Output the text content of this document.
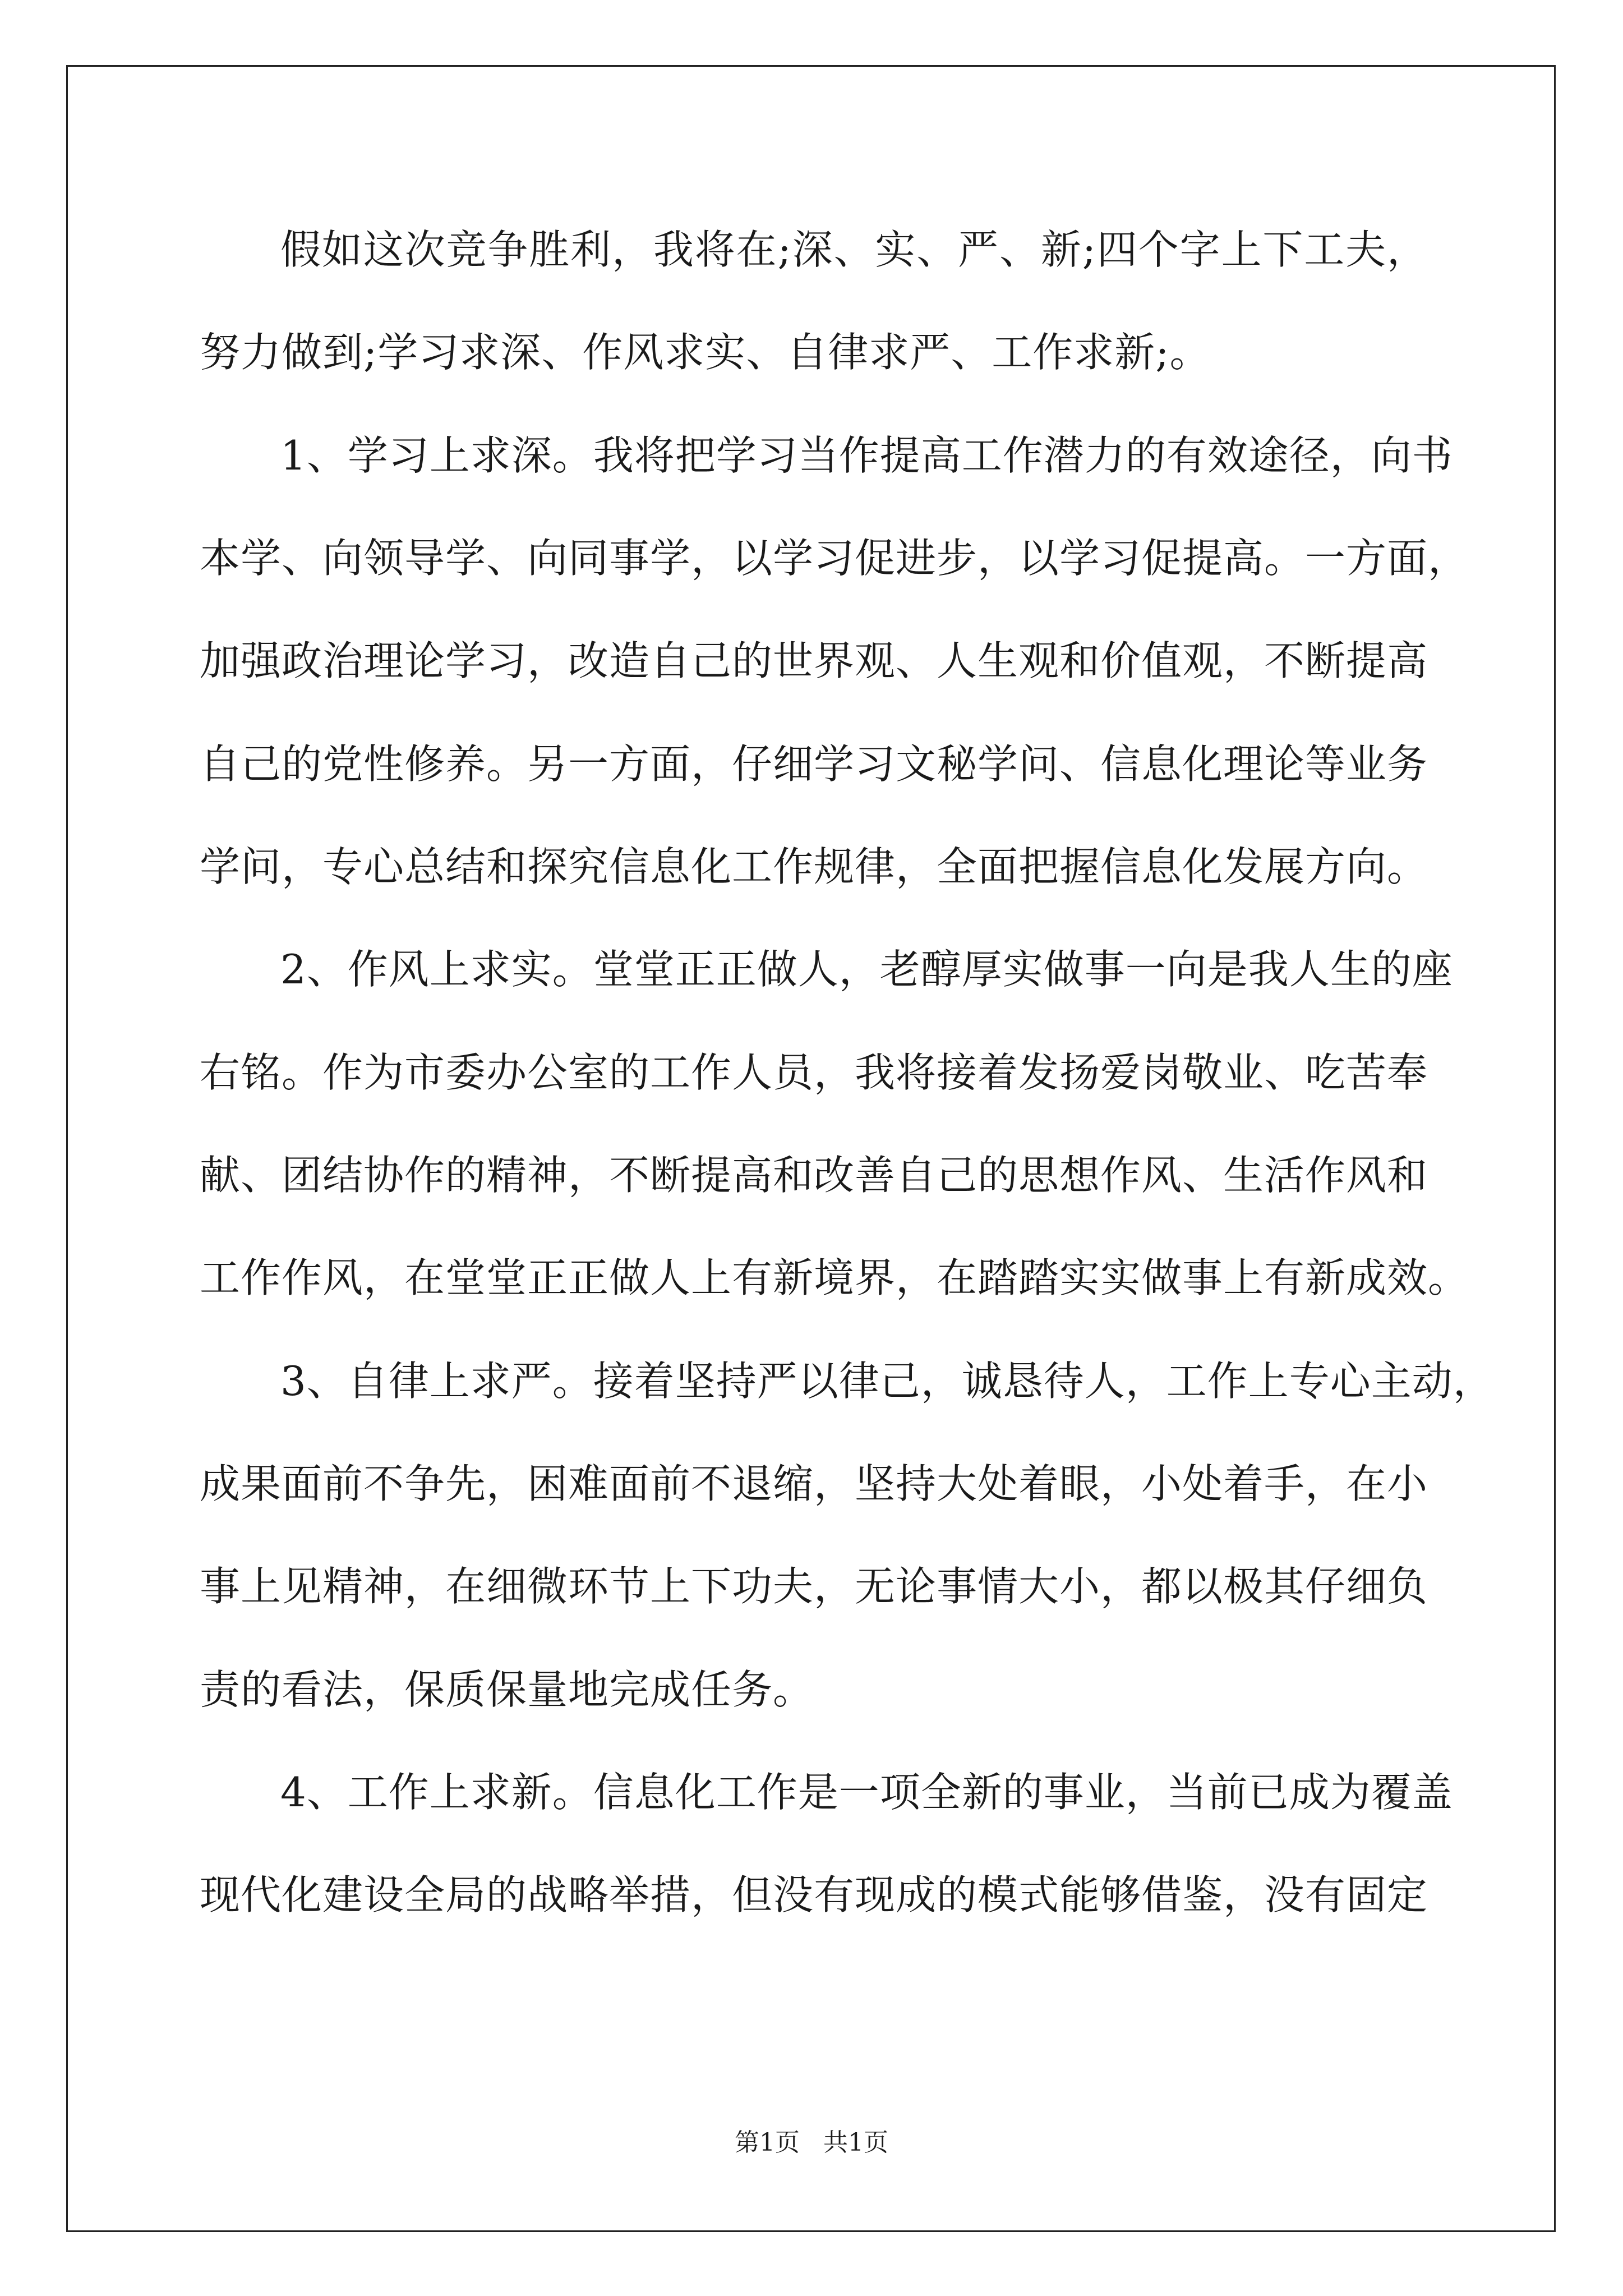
假如这次竞争胜利，我将在;深、实、严、新;四个字上下工夫，
努力做到;学习求深、作风求实、自律求严、工作求新;。
1、学习上求深。我将把学习当作提高工作潜力的有效途径，向书
本学、向领导学、向同事学，以学习促进步，以学习促提高。一方面，
加强政治理论学习，改造自己的世界观、人生观和价值观，不断提高
自己的党性修养。另一方面，仔细学习文秘学问、信息化理论等业务
学问，专心总结和探究信息化工作规律，全面把握信息化发展方向。
2、作风上求实。堂堂正正做人，老醇厚实做事一向是我人生的座
右铭。作为市委办公室的工作人员，我将接着发扬爱岗敬业、吃苦奉
献、团结协作的精神，不断提高和改善自己的思想作风、生活作风和
工作作风，在堂堂正正做人上有新境界，在踏踏实实做事上有新成效。
3、自律上求严。接着坚持严以律己，诚恳待人，工作上专心主动，
成果面前不争先，困难面前不退缩，坚持大处着眼，小处着手，在小
事上见精神，在细微环节上下功夫，无论事情大小，都以极其仔细负
责的看法，保质保量地完成任务。
4、工作上求新。信息化工作是一项全新的事业，当前已成为覆盖
现代化建设全局的战略举措，但没有现成的模式能够借鉴，没有固定
第1页   共1页
